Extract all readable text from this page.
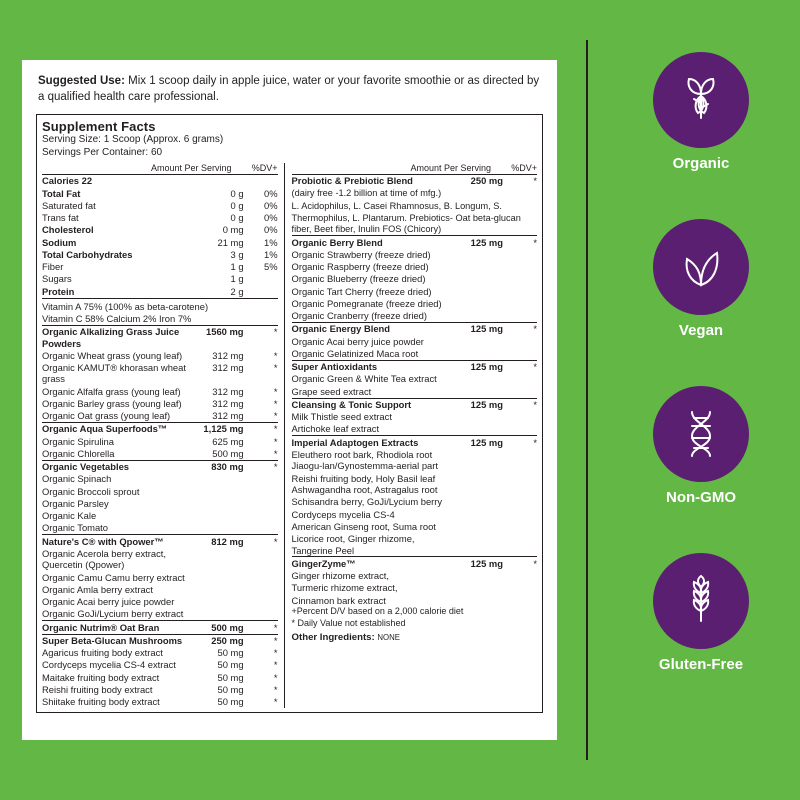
Suggested Use: Mix 1 scoop daily in apple juice, water or your favorite smoothie or as directed by a qualified health care professional.
Supplement Facts
Serving Size: 1 Scoop (Approx. 6 grams)
Servings Per Container: 60
Amount Per Serving	%DV+
Calories 22		
Total Fat	0 g	0%
Saturated fat	0 g	0%
Trans fat	0 g	0%
Cholesterol	0 mg	0%
Sodium	21 mg	1%
Total Carbohydrates	3 g	1%
Fiber	1 g	5%
Sugars	1 g	
Protein	2 g	
Vitamin A 75% (100% as beta-carotene)
Vitamin C 58% Calcium 2% Iron 7%
Organic Alkalizing Grass Juice Powders	1560 mg	*
Organic Wheat grass (young leaf)	312 mg	*
Organic KAMUT® khorasan wheat grass	312 mg	*
Organic Alfalfa grass (young leaf)	312 mg	*
Organic Barley grass (young leaf)	312 mg	*
Organic Oat grass (young leaf)	312 mg	*
Organic Aqua Superfoods™	1,125 mg	*
Organic Spirulina	625 mg	*
Organic Chlorella	500 mg	*
Organic Vegetables	830 mg	*
Organic Spinach		
Organic Broccoli sprout		
Organic Parsley		
Organic Kale		
Organic Tomato		
Nature's C® with Qpower™	812 mg	*
Organic Acerola berry extract, Quercetin (Qpower)		
Organic Camu Camu berry extract		
Organic Amla berry extract		
Organic Acai berry juice powder		
Organic GoJi/Lycium berry extract		
Organic Nutrim® Oat Bran	500 mg	*
Super Beta-Glucan Mushrooms	250 mg	*
Agaricus fruiting body extract	50 mg	*
Cordyceps mycelia CS-4 extract	50 mg	*
Maitake fruiting body extract	50 mg	*
Reishi fruiting body extract	50 mg	*
Shiitake fruiting body extract	50 mg	*
Amount Per Serving	%DV+
Probiotic & Prebiotic Blend	250 mg	*
(dairy free -1.2 billion at time of mfg.)		
L. Acidophilus, L. Casei Rhamnosus, B. Longum, S. Thermophilus, L. Plantarum. Prebiotics- Oat beta-glucan fiber, Beet fiber, Inulin FOS (Chicory)		
Organic Berry Blend	125 mg	*
Organic Strawberry (freeze dried)		
Organic Raspberry (freeze dried)		
Organic Blueberry (freeze dried)		
Organic Tart Cherry (freeze dried)		
Organic Pomegranate (freeze dried)		
Organic Cranberry (freeze dried)		
Organic Energy Blend	125 mg	*
Organic Acai berry juice powder		
Organic Gelatinized Maca root		
Super Antioxidants	125 mg	*
Organic Green & White Tea extract		
Grape seed extract		
Cleansing & Tonic Support	125 mg	*
Milk Thistle seed extract		
Artichoke leaf extract		
Imperial Adaptogen Extracts	125 mg	*
Eleuthero root bark, Rhodiola root Jiaogu-lan/Gynostemma-aerial part		
Reishi fruiting body, Holy Basil leaf Ashwagandha root, Astragalus root		
Schisandra berry, GoJi/Lycium berry		
Cordyceps mycelia CS-4		
American Ginseng root, Suma root		
Licorice root, Ginger rhizome, Tangerine Peel		
GingerZyme™	125 mg	*
Ginger rhizome extract,		
Turmeric rhizome extract,		
Cinnamon bark extract		
+Percent D/V based on a 2,000 calorie diet
* Daily Value not established
Other Ingredients: NONE
Organic
Vegan
Non-GMO
Gluten-Free
